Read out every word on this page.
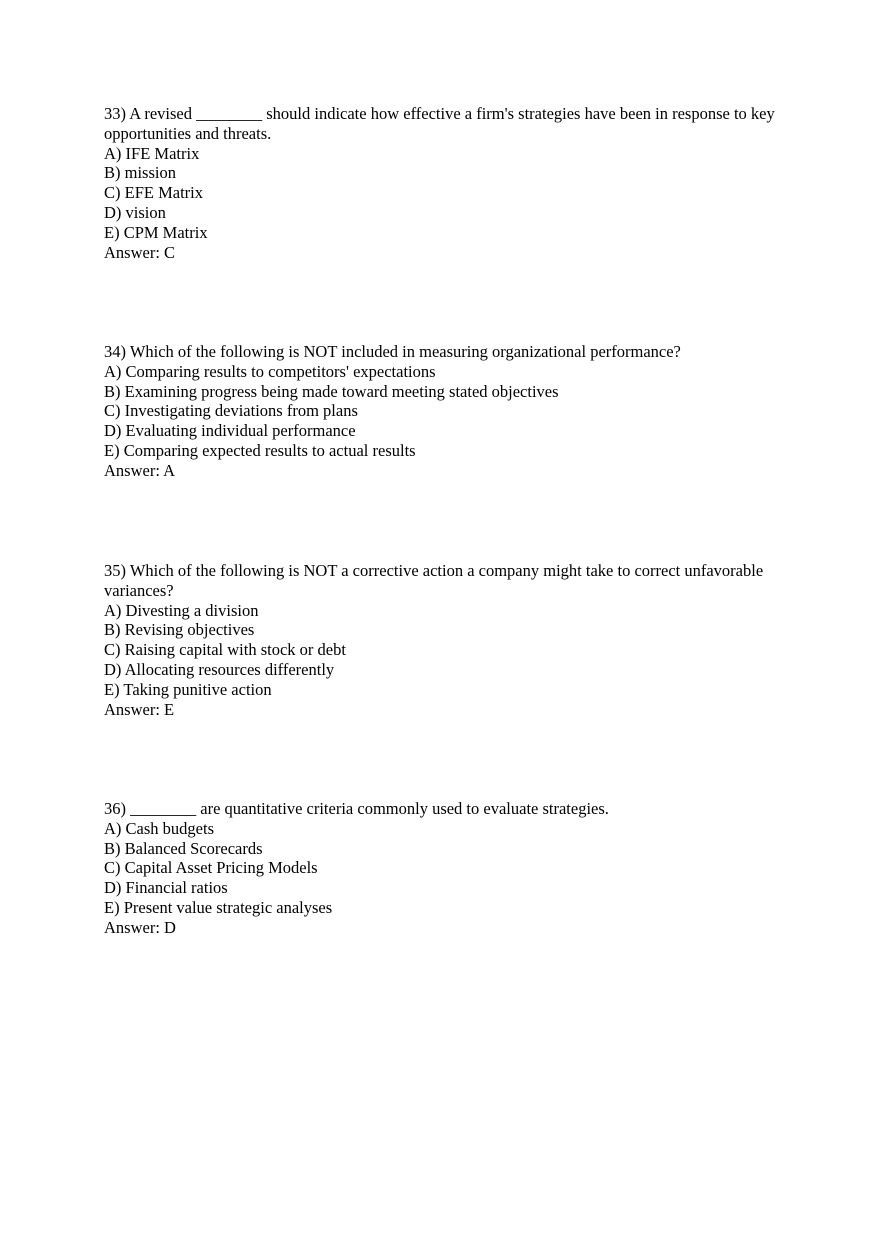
33) A revised ________ should indicate how effective a firm's strategies have been in response to key opportunities and threats.

A) IFE Matrix

B) mission

C) EFE Matrix

D) vision

E) CPM Matrix

Answer: C

34) Which of the following is NOT included in measuring organizational performance?

A) Comparing results to competitors' expectations

B) Examining progress being made toward meeting stated objectives

C) Investigating deviations from plans

D) Evaluating individual performance

E) Comparing expected results to actual results

Answer: A

35) Which of the following is NOT a corrective action a company might take to correct unfavorable variances?

A) Divesting a division

B) Revising objectives

C) Raising capital with stock or debt

D) Allocating resources differently

E) Taking punitive action

Answer: E

36) ________ are quantitative criteria commonly used to evaluate strategies.

A) Cash budgets

B) Balanced Scorecards

C) Capital Asset Pricing Models

D) Financial ratios

E) Present value strategic analyses

Answer: D
